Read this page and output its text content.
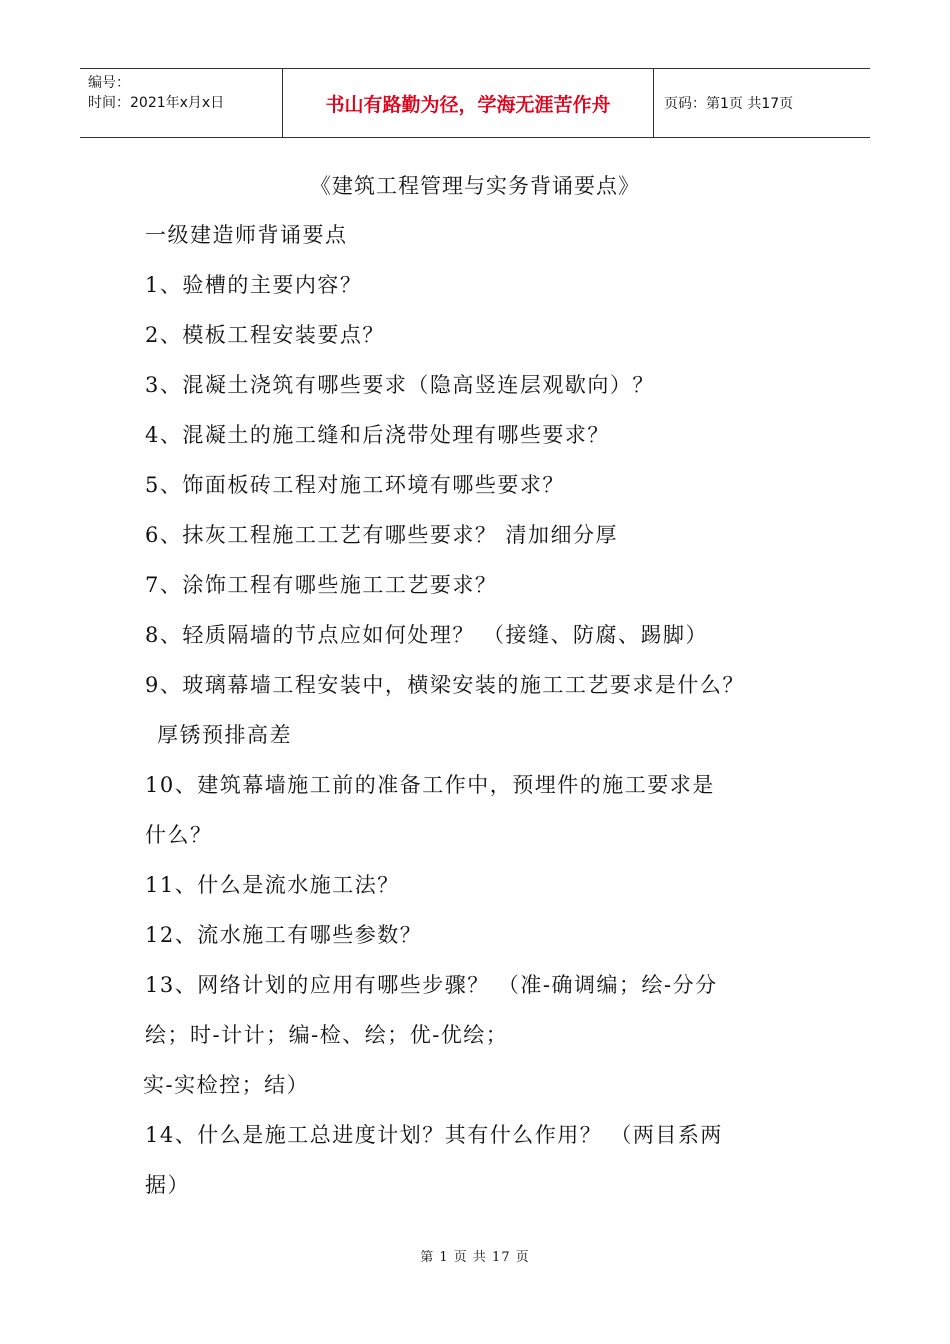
编号：
时间：2021年x月x日	书山有路勤为径，学海无涯苦作舟	页码：第1页 共17页
《建筑工程管理与实务背诵要点》
一级建造师背诵要点
1、验槽的主要内容？
2、模板工程安装要点？
3、混凝土浇筑有哪些要求（隐高竖连层观歇向）？
4、混凝土的施工缝和后浇带处理有哪些要求？
5、饰面板砖工程对施工环境有哪些要求？
6、抹灰工程施工工艺有哪些要求？ 清加细分厚
7、涂饰工程有哪些施工工艺要求？
8、轻质隔墙的节点应如何处理？ （接缝、防腐、踢脚）
9、玻璃幕墙工程安装中，横梁安装的施工工艺要求是什么？
厚锈预排高差
10、建筑幕墙施工前的准备工作中，预埋件的施工要求是
什么？
11、什么是流水施工法？
12、流水施工有哪些参数？
13、网络计划的应用有哪些步骤？ （准-确调编；绘-分分
绘；时-计计；编-检、绘；优-优绘；
实-实检控；结）
14、什么是施工总进度计划？其有什么作用？ （两目系两
据）
第 1 页 共 17 页
